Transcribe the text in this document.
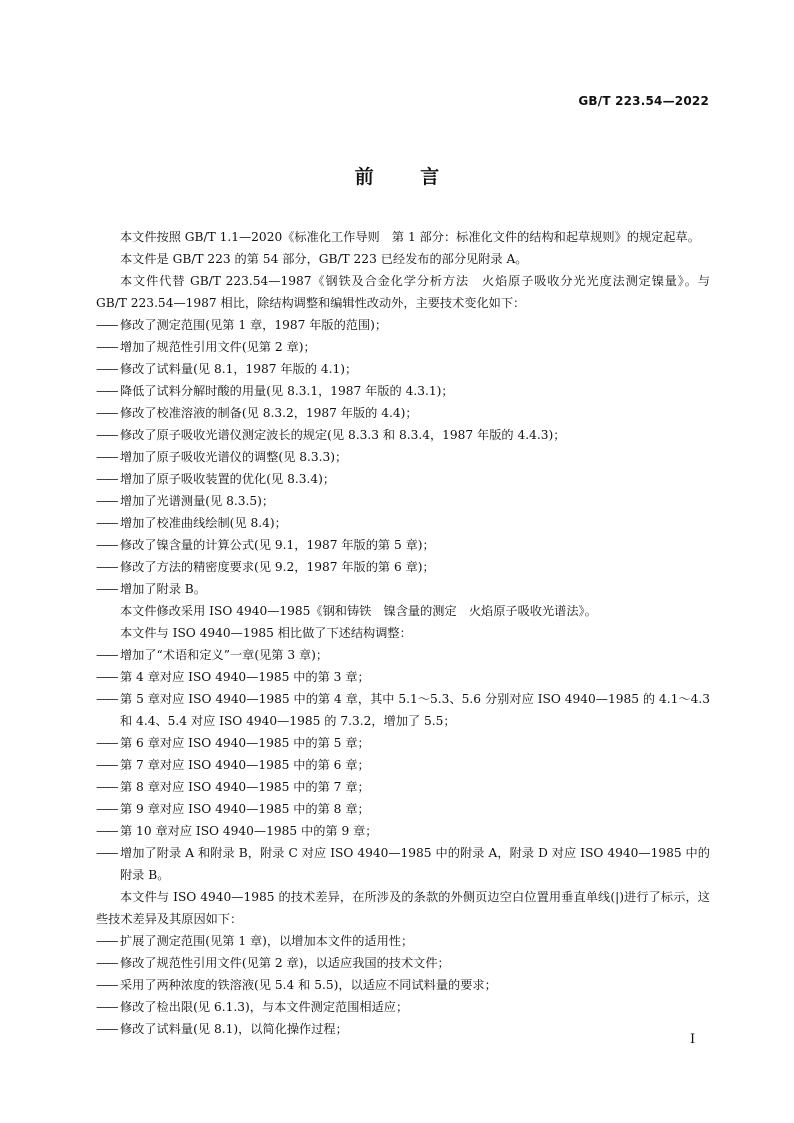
GB/T 223.54—2022
前 言

本文件按照 GB/T 1.1—2020《标准化工作导则　第 1 部分：标准化文件的结构和起草规则》的规定起草。

本文件是 GB/T 223 的第 54 部分，GB/T 223 已经发布的部分见附录 A。

本文件代替 GB/T 223.54—1987《钢铁及合金化学分析方法　火焰原子吸收分光光度法测定镍量》。与 GB/T 223.54—1987 相比，除结构调整和编辑性改动外，主要技术变化如下：

—— 修改了测定范围(见第 1 章，1987 年版的范围)；
—— 增加了规范性引用文件(见第 2 章)；
—— 修改了试料量(见 8.1，1987 年版的 4.1)；
—— 降低了试料分解时酸的用量(见 8.3.1，1987 年版的 4.3.1)；
—— 修改了校准溶液的制备(见 8.3.2，1987 年版的 4.4)；
—— 修改了原子吸收光谱仪测定波长的规定(见 8.3.3 和 8.3.4，1987 年版的 4.4.3)；
—— 增加了原子吸收光谱仪的调整(见 8.3.3)；
—— 增加了原子吸收装置的优化(见 8.3.4)；
—— 增加了光谱测量(见 8.3.5)；
—— 增加了校准曲线绘制(见 8.4)；
—— 修改了镍含量的计算公式(见 9.1，1987 年版的第 5 章)；
—— 修改了方法的精密度要求(见 9.2，1987 年版的第 6 章)；
—— 增加了附录 B。

本文件修改采用 ISO 4940—1985《钢和铸铁　镍含量的测定　火焰原子吸收光谱法》。

本文件与 ISO 4940—1985 相比做了下述结构调整：

—— 增加了“术语和定义”一章(见第 3 章)；
—— 第 4 章对应 ISO 4940—1985 中的第 3 章；
—— 第 5 章对应 ISO 4940—1985 中的第 4 章，其中 5.1～5.3、5.6 分别对应 ISO 4940—1985 的 4.1～4.3 和 4.4、5.4 对应 ISO 4940—1985 的 7.3.2，增加了 5.5；
—— 第 6 章对应 ISO 4940—1985 中的第 5 章；
—— 第 7 章对应 ISO 4940—1985 中的第 6 章；
—— 第 8 章对应 ISO 4940—1985 中的第 7 章；
—— 第 9 章对应 ISO 4940—1985 中的第 8 章；
—— 第 10 章对应 ISO 4940—1985 中的第 9 章；
—— 增加了附录 A 和附录 B，附录 C 对应 ISO 4940—1985 中的附录 A，附录 D 对应 ISO 4940—1985 中的附录 B。

本文件与 ISO 4940—1985 的技术差异，在所涉及的条款的外侧页边空白位置用垂直单线(|)进行了标示，这些技术差异及其原因如下：

—— 扩展了测定范围(见第 1 章)，以增加本文件的适用性；
—— 修改了规范性引用文件(见第 2 章)，以适应我国的技术文件；
—— 采用了两种浓度的铁溶液(见 5.4 和 5.5)，以适应不同试料量的要求；
—— 修改了检出限(见 6.1.3)，与本文件测定范围相适应；
—— 修改了试料量(见 8.1)，以简化操作过程；
I
